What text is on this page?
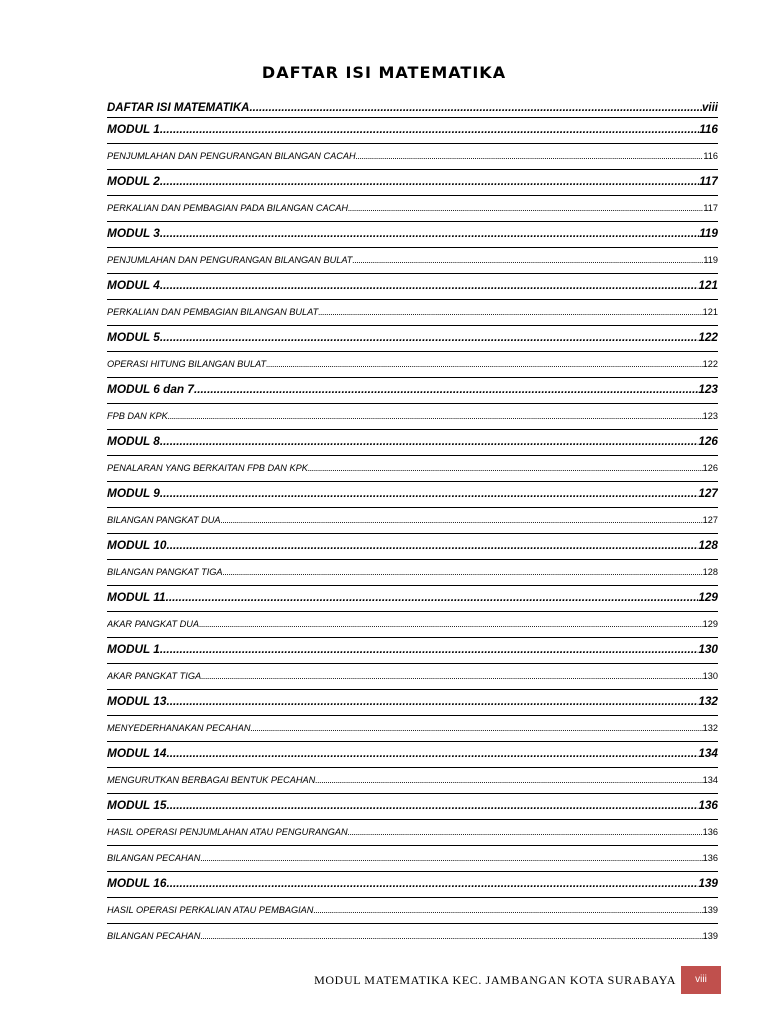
DAFTAR ISI MATEMATIKA
DAFTAR ISI MATEMATIKA .....	viii
MODUL 1 .....	116
PENJUMLAHAN DAN PENGURANGAN BILANGAN CACAH .....	116
MODUL 2 .....	117
PERKALIAN DAN PEMBAGIAN PADA BILANGAN CACAH .....	117
MODUL 3 .....	119
PENJUMLAHAN DAN PENGURANGAN BILANGAN BULAT .....	119
MODUL 4 .....	121
PERKALIAN DAN PEMBAGIAN BILANGAN BULAT .....	121
MODUL 5 .....	122
OPERASI HITUNG BILANGAN BULAT .....	122
MODUL 6 dan 7 .....	123
FPB DAN KPK .....	123
MODUL 8 .....	126
PENALARAN YANG BERKAITAN FPB DAN KPK .....	126
MODUL 9 .....	127
BILANGAN PANGKAT DUA .....	127
MODUL 10 .....	128
BILANGAN PANGKAT TIGA .....	128
MODUL 11 .....	129
AKAR PANGKAT DUA .....	129
MODUL 1 .....	130
AKAR PANGKAT TIGA .....	130
MODUL 13 .....	132
MENYEDERHANAKAN PECAHAN .....	132
MODUL 14 .....	134
MENGURUTKAN BERBAGAI BENTUK PECAHAN .....	134
MODUL 15 .....	136
HASIL OPERASI PENJUMLAHAN ATAU PENGURANGAN .....	136
BILANGAN PECAHAN .....	136
MODUL 16 .....	139
HASIL OPERASI PERKALIAN ATAU PEMBAGIAN .....	139
BILANGAN PECAHAN .....	139
MODUL MATEMATIKA KEC. JAMBANGAN KOTA SURABAYA	viii
